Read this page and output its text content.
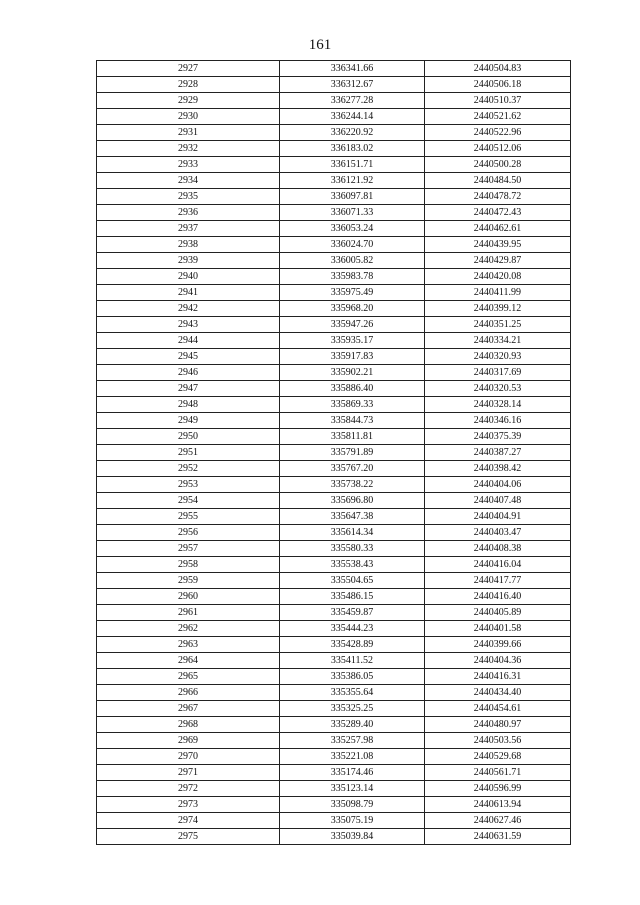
161
2927	336341.66	2440504.83
2928	336312.67	2440506.18
2929	336277.28	2440510.37
2930	336244.14	2440521.62
2931	336220.92	2440522.96
2932	336183.02	2440512.06
2933	336151.71	2440500.28
2934	336121.92	2440484.50
2935	336097.81	2440478.72
2936	336071.33	2440472.43
2937	336053.24	2440462.61
2938	336024.70	2440439.95
2939	336005.82	2440429.87
2940	335983.78	2440420.08
2941	335975.49	2440411.99
2942	335968.20	2440399.12
2943	335947.26	2440351.25
2944	335935.17	2440334.21
2945	335917.83	2440320.93
2946	335902.21	2440317.69
2947	335886.40	2440320.53
2948	335869.33	2440328.14
2949	335844.73	2440346.16
2950	335811.81	2440375.39
2951	335791.89	2440387.27
2952	335767.20	2440398.42
2953	335738.22	2440404.06
2954	335696.80	2440407.48
2955	335647.38	2440404.91
2956	335614.34	2440403.47
2957	335580.33	2440408.38
2958	335538.43	2440416.04
2959	335504.65	2440417.77
2960	335486.15	2440416.40
2961	335459.87	2440405.89
2962	335444.23	2440401.58
2963	335428.89	2440399.66
2964	335411.52	2440404.36
2965	335386.05	2440416.31
2966	335355.64	2440434.40
2967	335325.25	2440454.61
2968	335289.40	2440480.97
2969	335257.98	2440503.56
2970	335221.08	2440529.68
2971	335174.46	2440561.71
2972	335123.14	2440596.99
2973	335098.79	2440613.94
2974	335075.19	2440627.46
2975	335039.84	2440631.59
